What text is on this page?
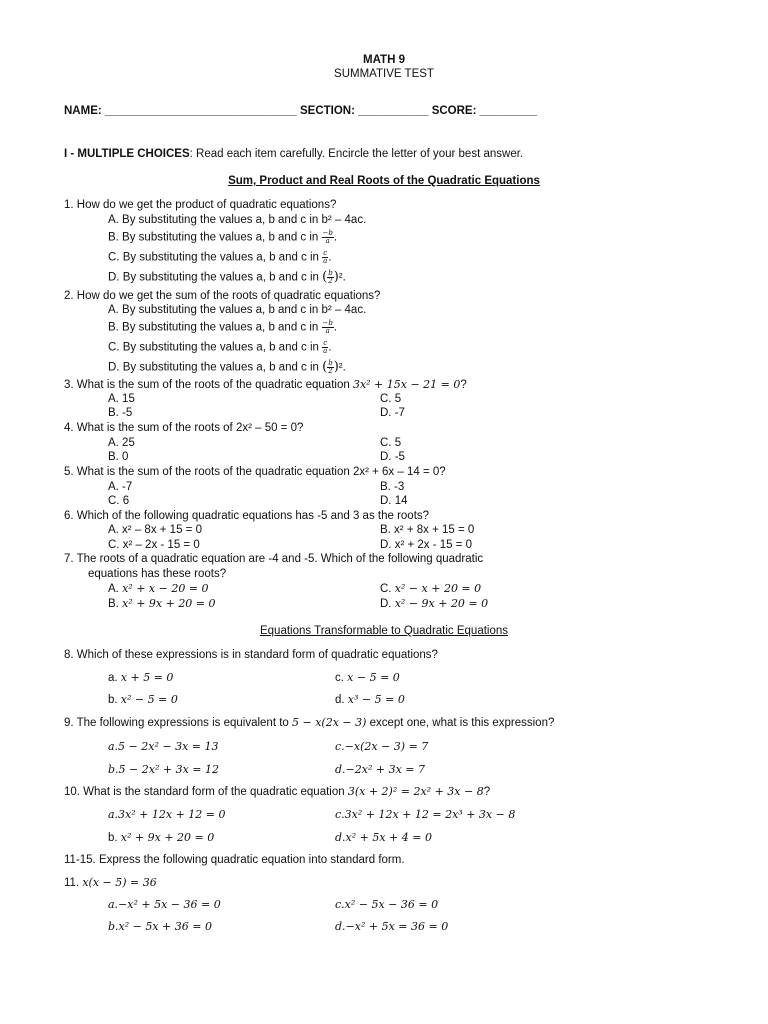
MATH 9
SUMMATIVE TEST
NAME: ______________________________ SECTION: ___________ SCORE: _________
I - MULTIPLE CHOICES: Read each item carefully. Encircle the letter of your best answer.
Sum, Product and Real Roots of the Quadratic Equations
1. How do we get the product of quadratic equations?
A. By substituting the values a, b and c in b² – 4ac.
B. By substituting the values a, b and c in $\frac{-b}{a}$ .
C. By substituting the values a, b and c in $\frac{c}{a}$ .
D. By substituting the values a, b and c in ( $\frac{b}{2} )^2$.
2. How do we get the sum of the roots of quadratic equations?
A. By substituting the values a, b and c in b² – 4ac.
B. By substituting the values a, b and c in $\frac{-b}{a}$ .
C. By substituting the values a, b and c in $\frac{c}{a}$ .
D. By substituting the values a, b and c in ( $\frac{b}{2} )^2$.
3. What is the sum of the roots of the quadratic equation 3x² + 15x − 21 = 0?
A. 15
B. -5
C. 5
D. -7
4. What is the sum of the roots of 2x² – 50 = 0?
A. 25
B. 0
C. 5
D. -5
5. What is the sum of the roots of the quadratic equation 2x² + 6x – 14 = 0?
A. -7
C. 6
B. -3
D. 14
6. Which of the following quadratic equations has -5 and 3 as the roots?
A. x² – 8x + 15 = 0
C. x² – 2x - 15 = 0
B. x² + 8x + 15 = 0
D. x² + 2x - 15 = 0
7. The roots of a quadratic equation are -4 and -5. Which of the following quadratic
equations has these roots?
A. x² + x − 20 = 0
B. x² + 9x + 20 = 0
C. x² − x + 20 = 0
D. x² − 9x + 20 = 0
Equations Transformable to Quadratic Equations
8. Which of these expressions is in standard form of quadratic equations?
a. x + 5 = 0
b. x² − 5 = 0
c. x − 5 = 0
d. x³ − 5 = 0
9. The following expressions is equivalent to 5 − x(2x − 3) except one, what is this expression?
a.5 − 2x² − 3x = 13
b.5 − 2x² + 3x = 12
c.−x(2x − 3) = 7
d.−2x² + 3x = 7
10. What is the standard form of the quadratic equation 3(x + 2)² = 2x² + 3x − 8?
a.3x² + 12x + 12 = 0
b. x² + 9x + 20 = 0
c.3x² + 12x + 12 = 2x³ + 3x − 8
d.x² + 5x + 4 = 0
11-15. Express the following quadratic equation into standard form.
11. x(x − 5) = 36
a.−x² + 5x − 36 = 0
b.x² − 5x + 36 = 0
c.x² − 5x − 36 = 0
d.−x² + 5x = 36 = 0
